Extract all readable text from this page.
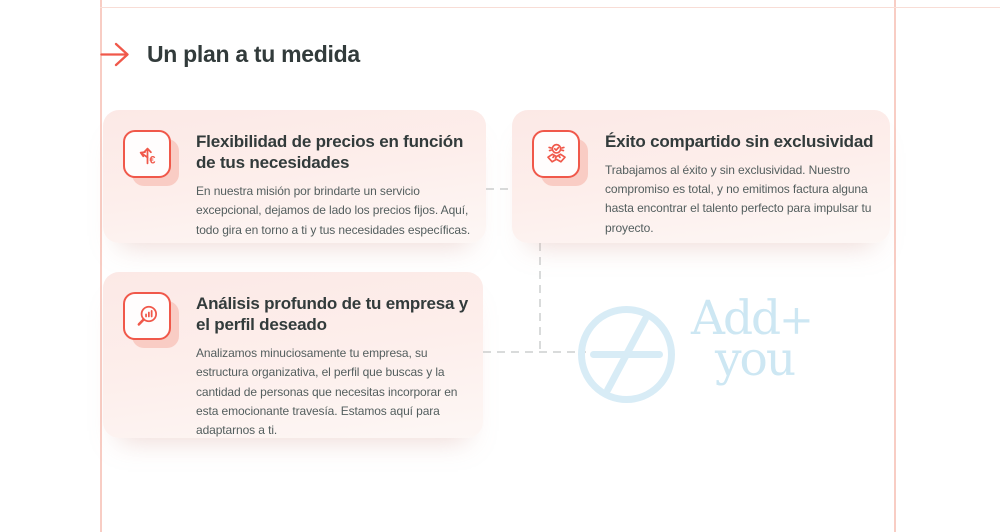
Un plan a tu medida
€
Flexibilidad de precios en función de tus necesidades
En nuestra misión por brindarte un servicio excepcional, dejamos de lado los precios fijos. Aquí, todo gira en torno a ti y tus necesidades específicas.
Éxito compartido sin exclusividad
Trabajamos al éxito y sin exclusividad. Nuestro compromiso es total, y no emitimos factura alguna hasta encontrar el talento perfecto para impulsar tu proyecto.
Análisis profundo de tu empresa y el perfil deseado
Analizamos minuciosamente tu empresa, su estructura organizativa, el perfil que buscas y la cantidad de personas que necesitas incorporar en esta emocionante travesía. Estamos aquí para adaptarnos a ti.
Add+
you
